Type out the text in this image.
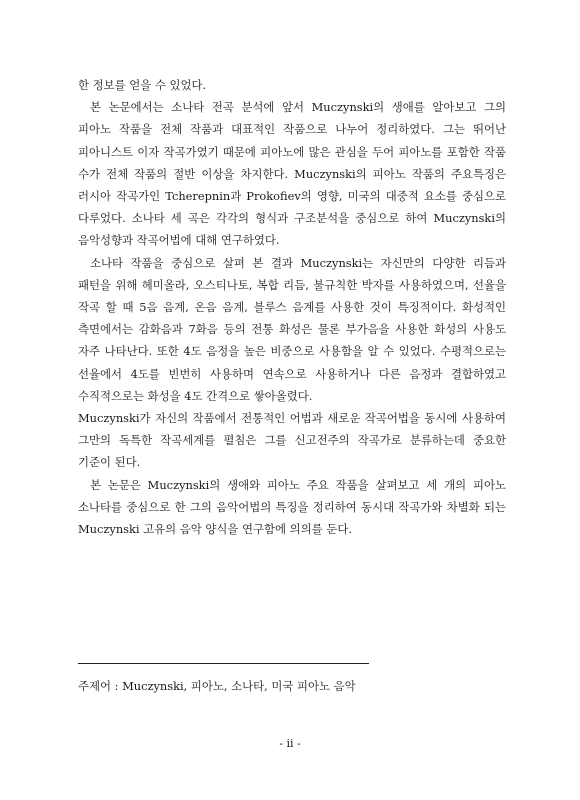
한 정보를 얻을 수 있었다.

본 논문에서는 소나타 전곡 분석에 앞서 Muczynski의 생애를 알아보고 그의 피아노 작품을 전체 작품과 대표적인 작품으로 나누어 정리하였다. 그는 뛰어난 피아니스트 이자 작곡가였기 때문에 피아노에 많은 관심을 두어 피아노를 포함한 작품 수가 전체 작품의 절반 이상을 차지한다. Muczynski의 피아노 작품의 주요특징은 러시아 작곡가인 Tcherepnin과 Prokofiev의 영향, 미국의 대중적 요소를 중심으로 다루었다. 소나타 세 곡은 각각의 형식과 구조분석을 중심으로 하여 Muczynski의 음악성향과 작곡어법에 대해 연구하였다.

소나타 작품을 중심으로 살펴 본 결과 Muczynski는 자신만의 다양한 리듬과 패턴을 위해 헤미올라, 오스티나토, 복합 리듬, 불규칙한 박자를 사용하였으며, 선율을 작곡 할 때 5음 음계, 온음 음계, 블루스 음계를 사용한 것이 특징적이다. 화성적인 측면에서는 감화음과 7화음 등의 전통 화성은 물론 부가음을 사용한 화성의 사용도 자주 나타난다. 또한 4도 음정을 높은 비중으로 사용함을 알 수 있었다. 수평적으로는 선율에서 4도를 빈번히 사용하며 연속으로 사용하거나 다른 음정과 결합하였고 수직적으로는 화성을 4도 간격으로 쌓아올렸다.

Muczynski가 자신의 작품에서 전통적인 어법과 새로운 작곡어법을 동시에 사용하여 그만의 독특한 작곡세계를 펼침은 그를 신고전주의 작곡가로 분류하는데 중요한 기준이 된다.

본 논문은 Muczynski의 생애와 피아노 주요 작품을 살펴보고 세 개의 피아노 소나타를 중심으로 한 그의 음악어법의 특징을 정리하여 동시대 작곡가와 차별화 되는 Muczynski 고유의 음악 양식을 연구함에 의의를 둔다.

주제어 : Muczynski, 피아노, 소나타, 미국 피아노 음악
- ii -
